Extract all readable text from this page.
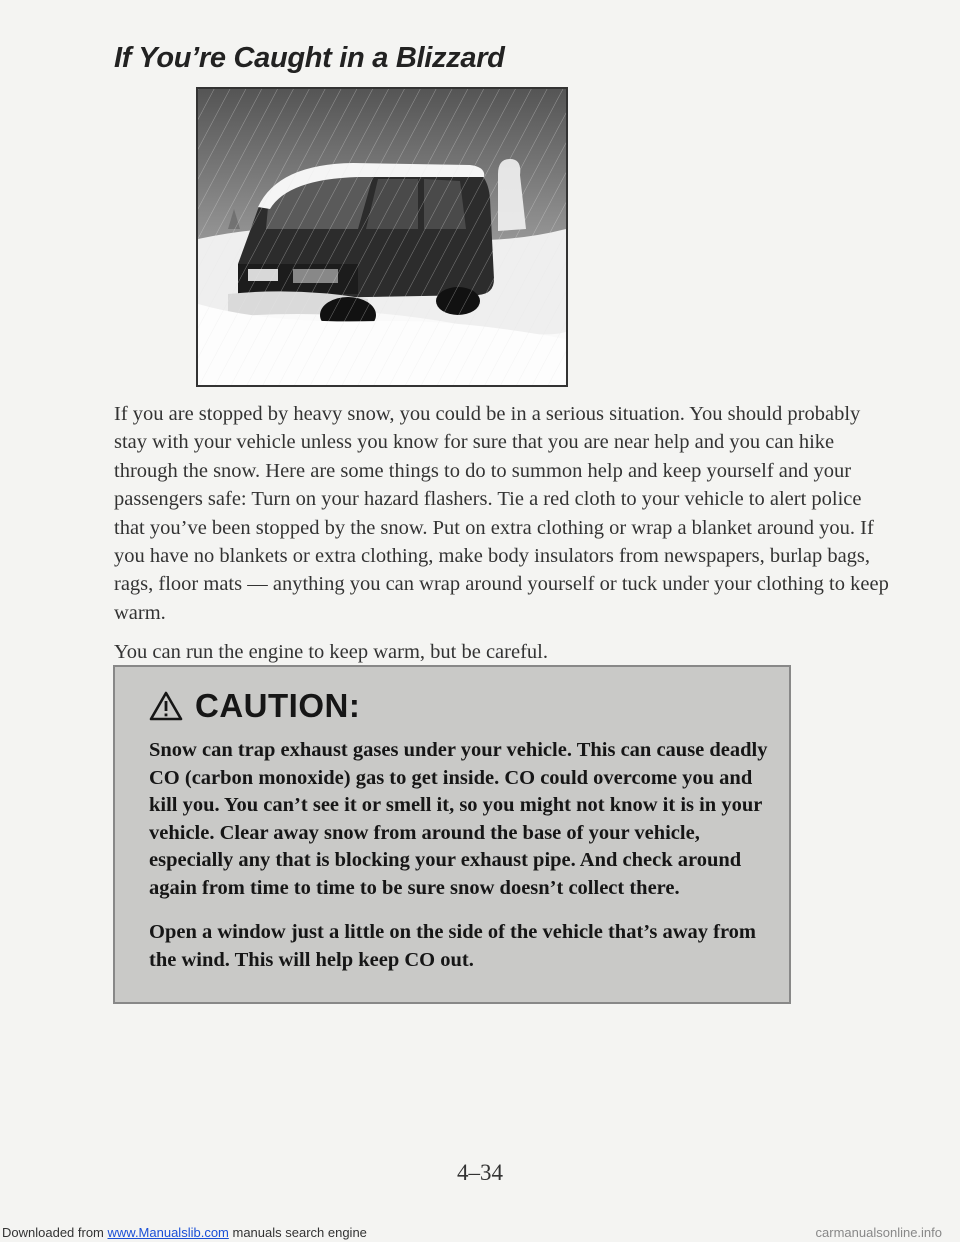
If You’re Caught in a Blizzard

If you are stopped by heavy snow, you could be in a serious situation. You should probably stay with your vehicle unless you know for sure that you are near help and you can hike through the snow. Here are some things to do to summon help and keep yourself and your passengers safe: Turn on your hazard flashers. Tie a red cloth to your vehicle to alert police that you’ve been stopped by the snow. Put on extra clothing or wrap a blanket around you. If you have no blankets or extra clothing, make body insulators from newspapers, burlap bags, rags, floor mats — anything you can wrap around yourself or tuck under your clothing to keep warm.

You can run the engine to keep warm, but be careful.

CAUTION:

Snow can trap exhaust gases under your vehicle. This can cause deadly CO (carbon monoxide) gas to get inside. CO could overcome you and kill you. You can’t see it or smell it, so you might not know it is in your vehicle. Clear away snow from around the base of your vehicle, especially any that is blocking your exhaust pipe. And check around again from time to time to be sure snow doesn’t collect there.

Open a window just a little on the side of the vehicle that’s away from the wind. This will help keep CO out.

4–34
Downloaded from www.Manualslib.com manuals search engine	carmanualsonline.info
